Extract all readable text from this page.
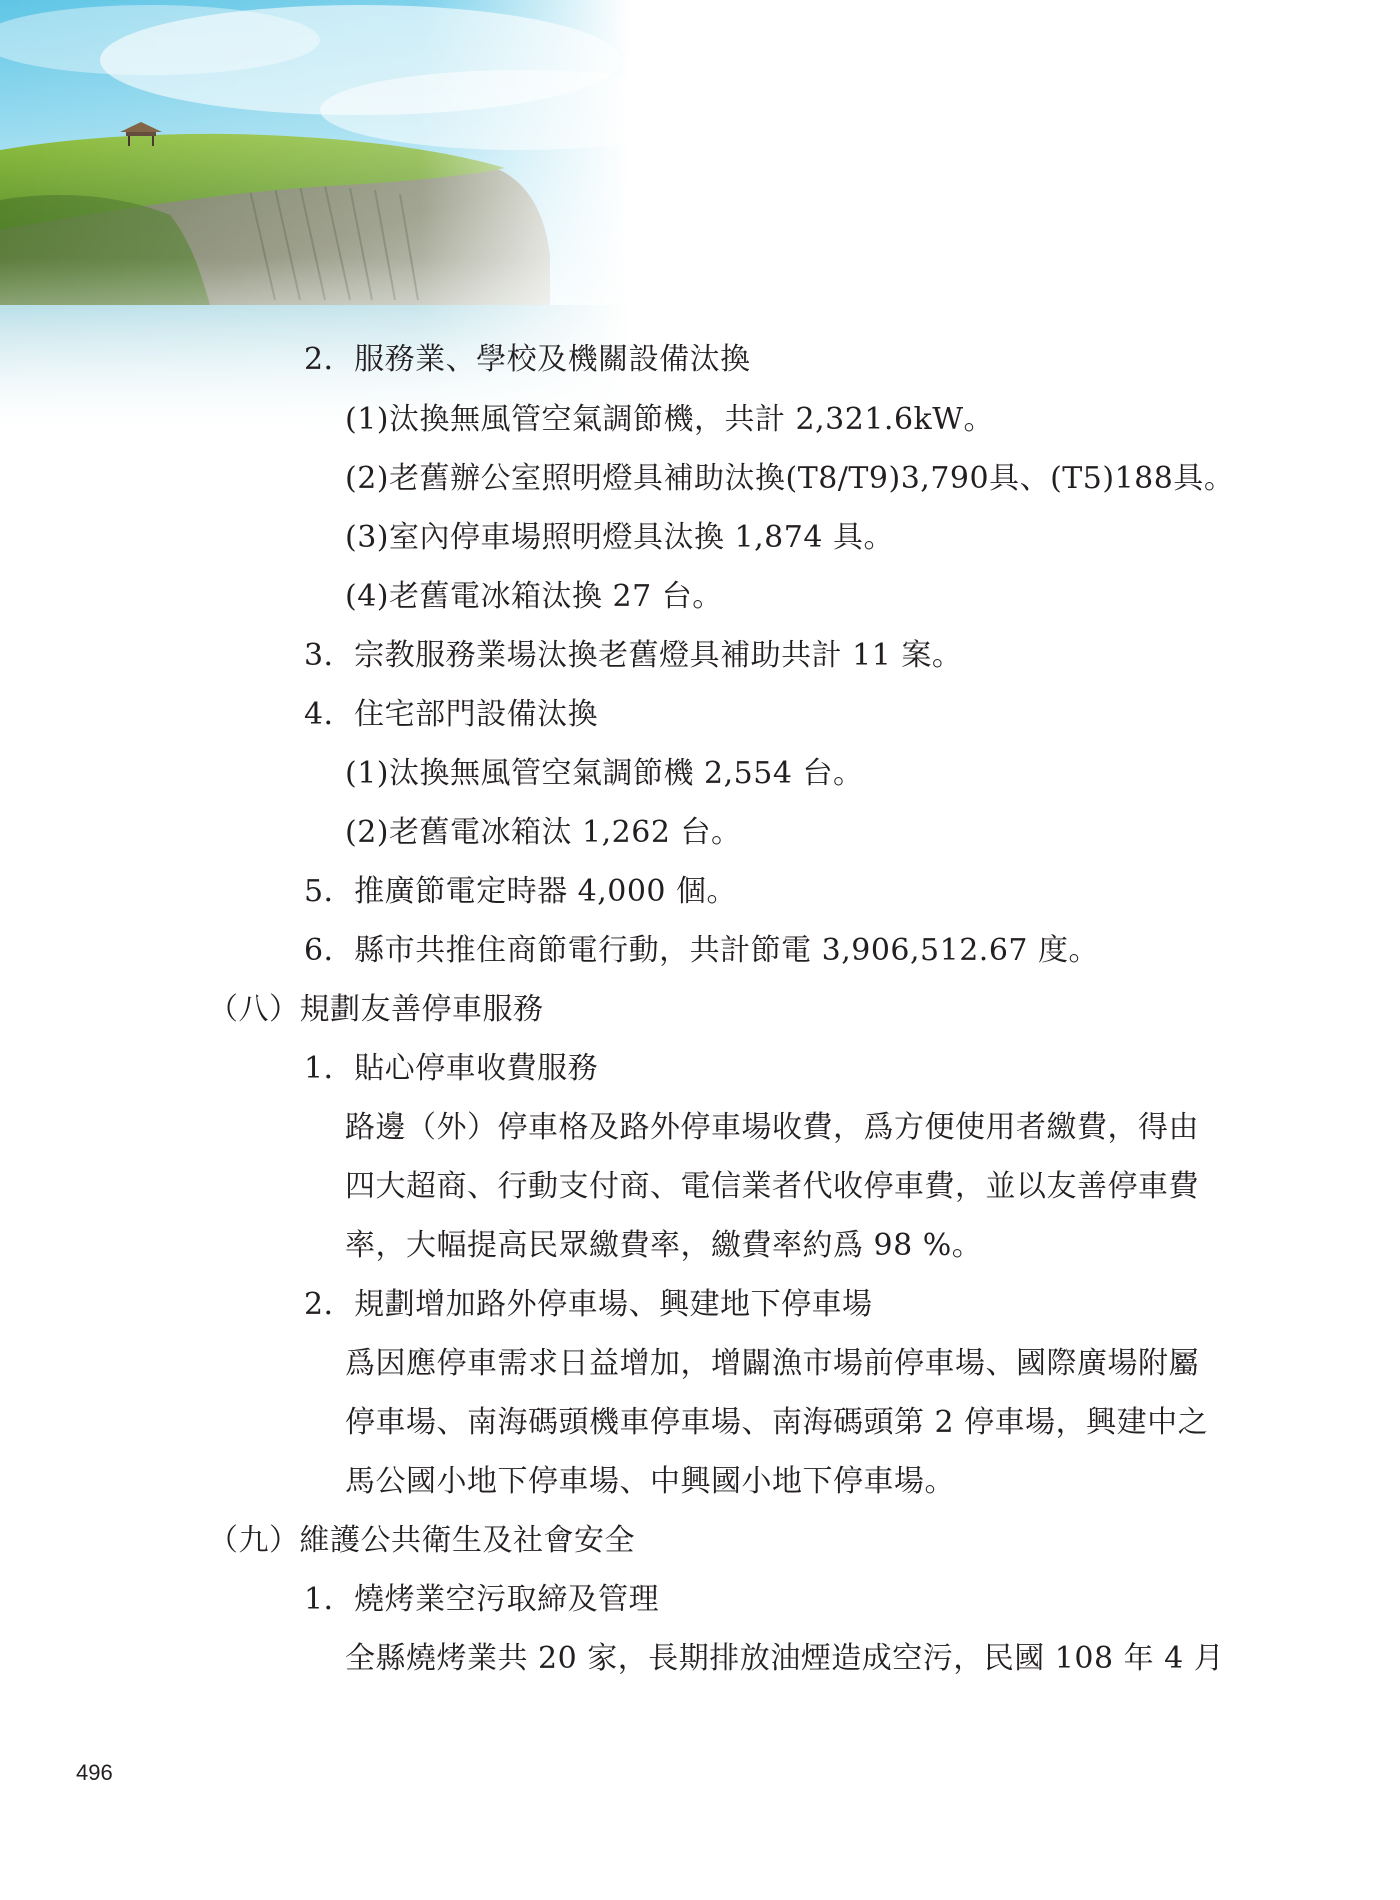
2．服務業、學校及機關設備汰換
(1)汰換無風管空氣調節機，共計 2,321.6kW。
(2)老舊辦公室照明燈具補助汰換(T8/T9)3,790具、(T5)188具。
(3)室內停車場照明燈具汰換 1,874 具。
(4)老舊電冰箱汰換 27 台。
3．宗教服務業場汰換老舊燈具補助共計 11 案。
4．住宅部門設備汰換
(1)汰換無風管空氣調節機 2,554 台。
(2)老舊電冰箱汰 1,262 台。
5．推廣節電定時器 4,000 個。
6．縣市共推住商節電行動，共計節電 3,906,512.67 度。
（八）規劃友善停車服務
1．貼心停車收費服務
路邊（外）停車格及路外停車場收費，爲方便使用者繳費，得由
四大超商、行動支付商、電信業者代收停車費，並以友善停車費
率，大幅提高民眾繳費率，繳費率約爲 98 %。
2．規劃增加路外停車場、興建地下停車場
爲因應停車需求日益增加，增闢漁市場前停車場、國際廣場附屬
停車場、南海碼頭機車停車場、南海碼頭第 2 停車場，興建中之
馬公國小地下停車場、中興國小地下停車場。
（九）維護公共衛生及社會安全
1．燒烤業空污取締及管理
全縣燒烤業共 20 家，長期排放油煙造成空污，民國 108 年 4 月
496
